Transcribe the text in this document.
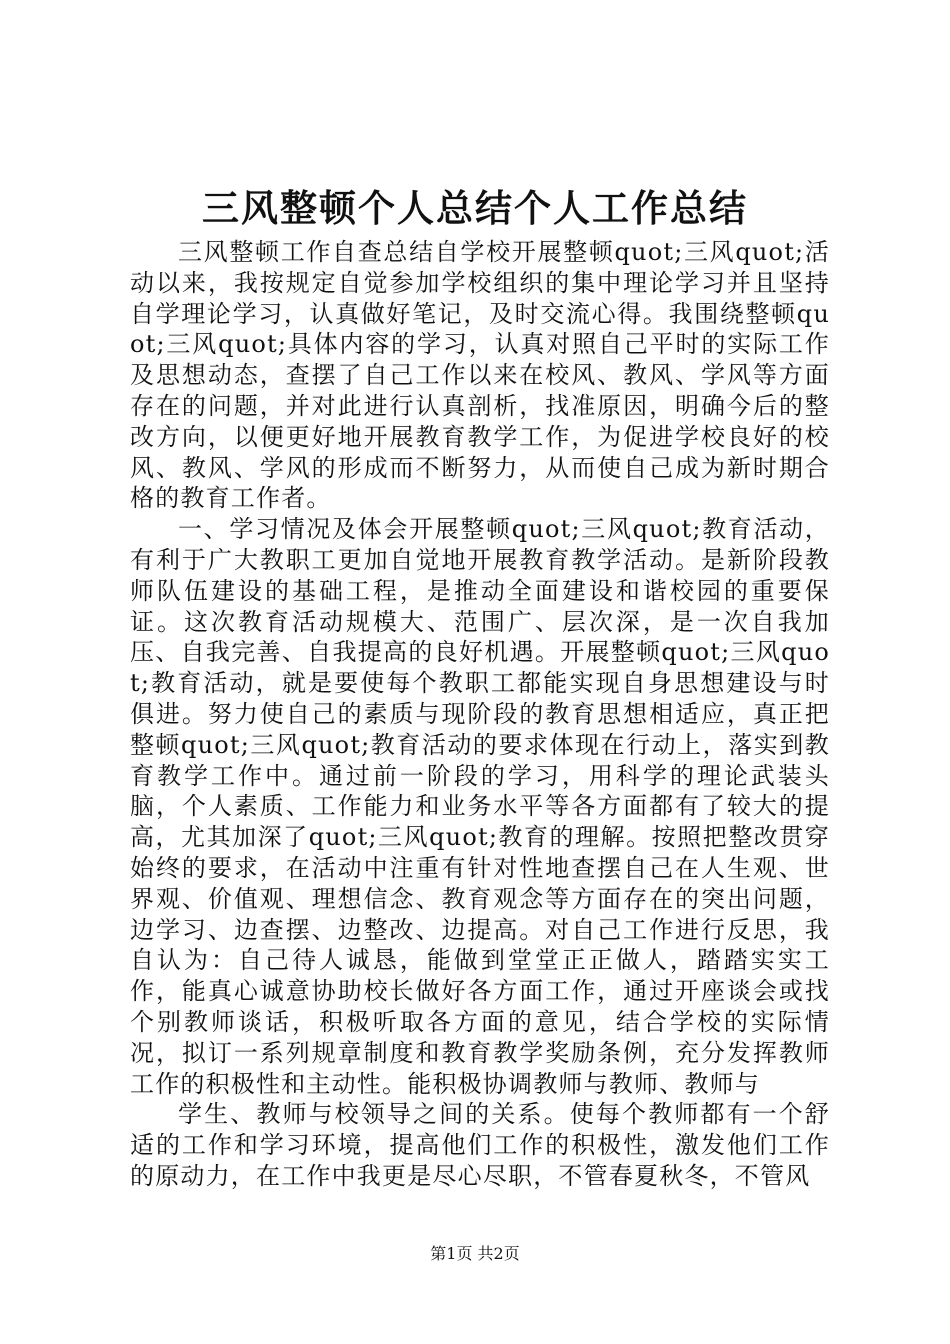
三风整顿个人总结个人工作总结

三风整顿工作自查总结自学校开展整顿quot;三风quot;活动以来，我按规定自觉参加学校组织的集中理论学习并且坚持自学理论学习，认真做好笔记，及时交流心得。我围绕整顿quot;三风quot;具体内容的学习，认真对照自己平时的实际工作及思想动态，查摆了自己工作以来在校风、教风、学风等方面存在的问题，并对此进行认真剖析，找准原因，明确今后的整改方向，以便更好地开展教育教学工作，为促进学校良好的校风、教风、学风的形成而不断努力，从而使自己成为新时期合格的教育工作者。

一、学习情况及体会开展整顿quot;三风quot;教育活动，有利于广大教职工更加自觉地开展教育教学活动。是新阶段教师队伍建设的基础工程，是推动全面建设和谐校园的重要保证。这次教育活动规模大、范围广、层次深，是一次自我加压、自我完善、自我提高的良好机遇。开展整顿quot;三风quot;教育活动，就是要使每个教职工都能实现自身思想建设与时俱进。努力使自己的素质与现阶段的教育思想相适应，真正把整顿quot;三风quot;教育活动的要求体现在行动上，落实到教育教学工作中。通过前一阶段的学习，用科学的理论武装头脑，个人素质、工作能力和业务水平等各方面都有了较大的提高，尤其加深了quot;三风quot;教育的理解。按照把整改贯穿始终的要求，在活动中注重有针对性地查摆自己在人生观、世界观、价值观、理想信念、教育观念等方面存在的突出问题，边学习、边查摆、边整改、边提高。对自己工作进行反思，我自认为：自己待人诚恳，能做到堂堂正正做人，踏踏实实工作，能真心诚意协助校长做好各方面工作，通过开座谈会或找个别教师谈话，积极听取各方面的意见，结合学校的实际情况，拟订一系列规章制度和教育教学奖励条例，充分发挥教师工作的积极性和主动性。能积极协调教师与教师、教师与

学生、教师与校领导之间的关系。使每个教师都有一个舒适的工作和学习环境，提高他们工作的积极性，激发他们工作的原动力，在工作中我更是尽心尽职，不管春夏秋冬，不管风

第1页 共2页
